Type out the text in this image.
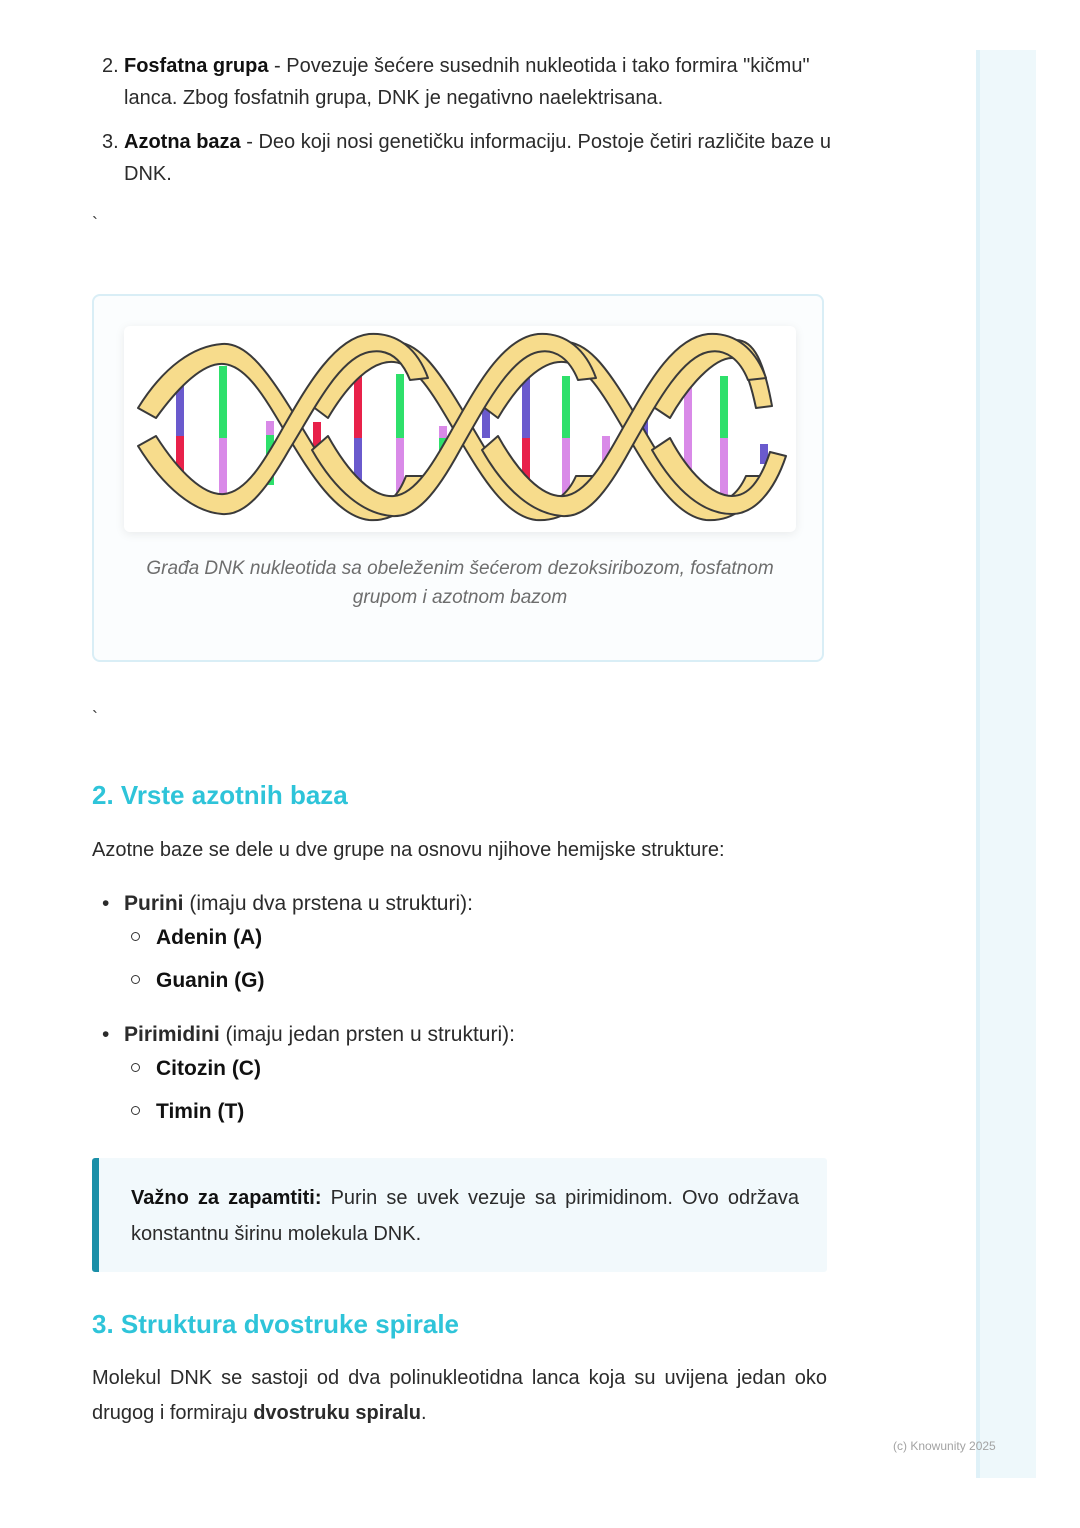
2. Fosfatna grupa - Povezuje šećere susednih nukleotida i tako formira "kičmu" lanca. Zbog fosfatnih grupa, DNK je negativno naelektrisana.
3. Azotna baza - Deo koji nosi genetičku informaciju. Postoje četiri različite baze u DNK.
`
Građa DNK nukleotida sa obeleženim šećerom dezoksiribozom, fosfatnom grupom i azotnom bazom
`
2. Vrste azotnih baza

Azotne baze se dele u dve grupe na osnovu njihove hemijske strukture:

• Purini (imaju dva prstena u strukturi):
Adenin (A)
Guanin (G)
• Pirimidini (imaju jedan prsten u strukturi):
Citozin (C)
Timin (T)

Važno za zapamtiti: Purin se uvek vezuje sa pirimidinom. Ovo održava konstantnu širinu molekula DNK.

3. Struktura dvostruke spirale

Molekul DNK se sastoji od dva polinukleotidna lanca koja su uvijena jedan oko drugog i formiraju dvostruku spiralu.

(c) Knowunity 2025
